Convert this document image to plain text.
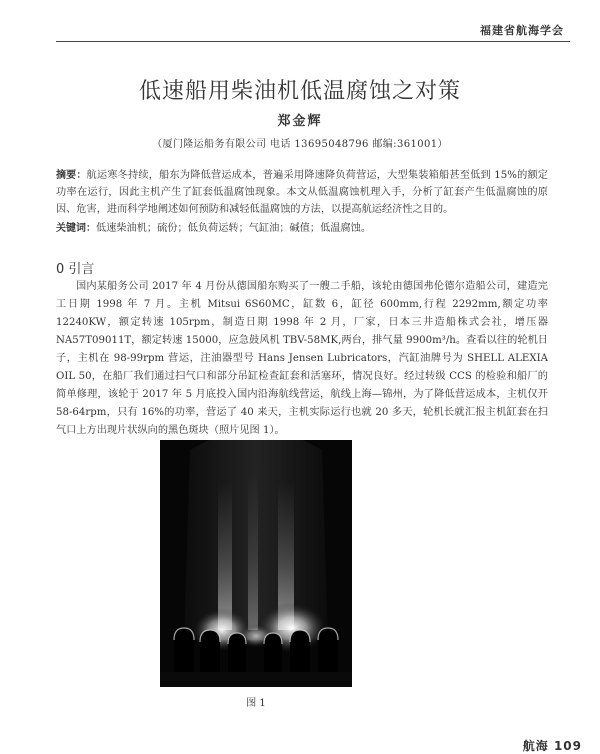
福建省航海学会
低速船用柴油机低温腐蚀之对策
郑金辉
（厦门隆运船务有限公司 电话 13695048796 邮编:361001）
摘要：航运寒冬持续，船东为降低营运成本，普遍采用降速降负荷营运，大型集装箱船甚至低到 15%的额定功率在运行，因此主机产生了缸套低温腐蚀现象。本文从低温腐蚀机理入手，分析了缸套产生低温腐蚀的原因、危害，进而科学地阐述如何预防和减轻低温腐蚀的方法，以提高航运经济性之目的。
关键词：低速柴油机；硫份；低负荷运转；气缸油；碱值；低温腐蚀。
0 引言
国内某船务公司 2017 年 4 月份从德国船东购买了一艘二手船，该轮由德国弗伦德尔造船公司，建造完工日期 1998 年 7 月。主机 Mitsui 6S60MC，缸数 6，缸径 600mm,行程 2292mm,额定功率 12240KW，额定转速 105rpm，制造日期 1998 年 2 月，厂家，日本三井造船株式会社，增压器 NA57T09011T，额定转速 15000，应急鼓风机 TBV-58MK,两台，排气量 9900m³/h。查看以往的轮机日子，主机在 98-99rpm 营运，注油器型号 Hans Jensen Lubricators，汽缸油牌号为 SHELL ALEXIA OIL 50，在船厂我们通过扫气口和部分吊缸检查缸套和活塞环，情况良好。经过转级 CCS 的检验和船厂的简单修理，该轮于 2017 年 5 月底投入国内沿海航线营运，航线上海—锦州，为了降低营运成本，主机仅开 58-64rpm，只有 16%的功率，营运了 40 来天，主机实际运行也就 20 多天，轮机长就汇报主机缸套在扫气口上方出现片状纵向的黑色斑块（照片见图 1）。
图 1
航海 109
